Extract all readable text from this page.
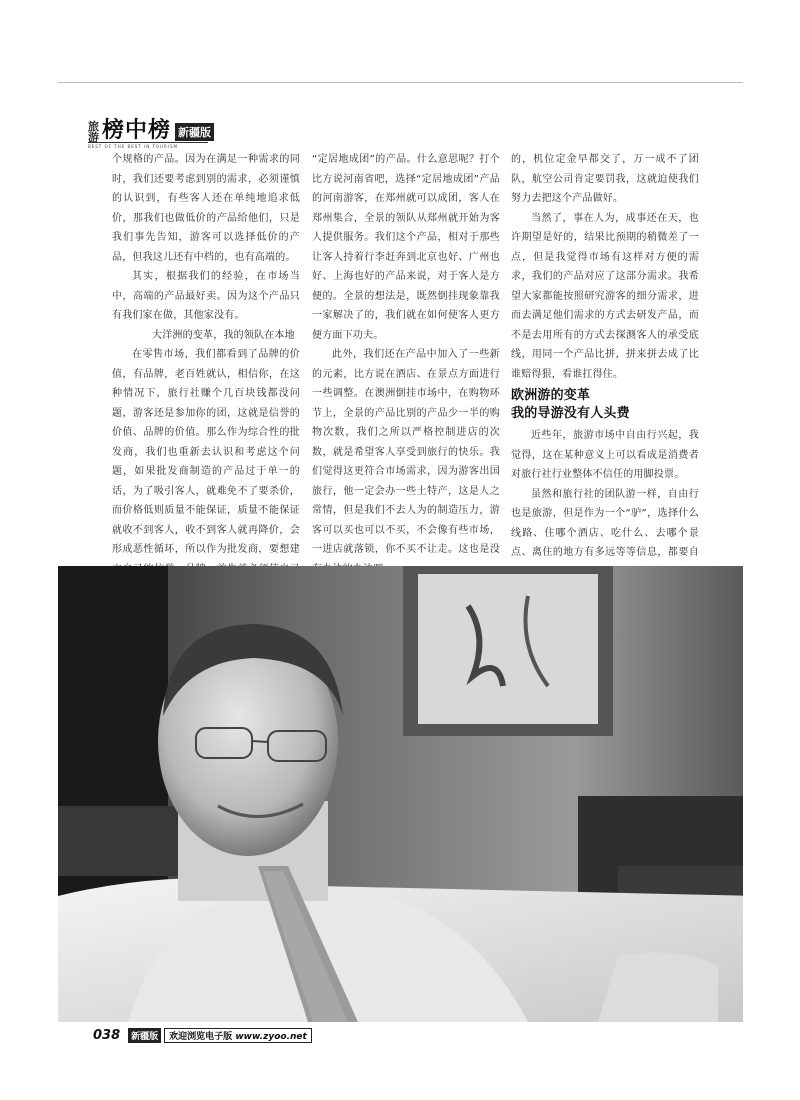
旅游 榜中榜 新疆版
BEST OF THE BEST IN TOURISM

个规格的产品。因为在满足一种需求的同时，我们还要考虑到别的需求，必须谨慎的认识到，有些客人还在单纯地追求低价，那我们也做低价的产品给他们，只是我们事先告知，游客可以选择低价的产品，但我这儿还有中档的，也有高端的。

其实，根据我们的经验，在市场当中，高端的产品最好卖。因为这个产品只有我们家在做，其他家没有。

大洋洲的变革，我的领队在本地

在零售市场，我们都看到了品牌的价值，有品牌，老百姓就认，相信你，在这种情况下，旅行社赚个几百块钱都没问题，游客还是参加你的团，这就是信誉的价值、品牌的价值。那么作为综合性的批发商，我们也重新去认识和考虑这个问题，如果批发商制造的产品过于单一的话，为了吸引客人，就难免不了要杀价，而价格低则质量不能保证，质量不能保证就收不到客人，收不到客人就再降价，会形成恶性循环，所以作为批发商，要想建

“定居地成团”的产品。什么意思呢？打个比方说河南省吧，选择“定居地成团”产品的河南游客，在郑州就可以成团，客人在郑州集合，全景的领队从郑州就开始为客人提供服务。我们这个产品，相对于那些让客人持着行李赶奔到北京也好、广州也好、上海也好的产品来说，对于客人是方便的。全景的想法是，既然倒挂现象靠我一家解决了的，我们就在如何使客人更方便方面下功夫。

此外，我们还在产品中加入了一些新的元素，比方说在酒店、在景点方面进行一些调整。在澳洲倒挂市场中，在购物环节上，全景的产品比别的产品少一半的购物次数，我们之所以严格控制进店的次数，就是希望客人享受到旅行的快乐。我们觉得这更符合市场需求，因为游客出国旅行，他一定会办一些土特产，这是人之常情，但是我们不去人为的制造压力，游客可以买也可以不买，不会像有些市场，一进店就落锁，你不买不让走。这也是没

的，机位定金早都交了，万一成不了团队，航空公司肯定要罚我，这就迫使我们努力去把这个产品做好。

当然了，事在人为，成事还在天，也许期望是好的，结果比预期的稍微差了一点，但是我觉得市场有这样对方便的需求，我们的产品对应了这部分需求。我希望大家都能按照研究游客的细分需求，进而去满足他们需求的方式去研发产品，而不是去用所有的方式去探测客人的承受底线，用同一个产品比拼，拼来拼去成了比谁赔得狠，看谁扛得住。

欧洲游的变革
我的导游没有人头费

近些年，旅游市场中自由行兴起，我觉得，这在某种意义上可以看成是消费者对旅行社行业整体不信任的用脚投票。

虽然和旅行社的团队游一样，自由行也是旅游，但是作为一个“驴”，选择什么线路、住哪个酒店、吃什么、去哪个景点、离住的地方有多远等等信息，都要自

038	新疆版	欢迎浏览电子版 www.zyoo.net
